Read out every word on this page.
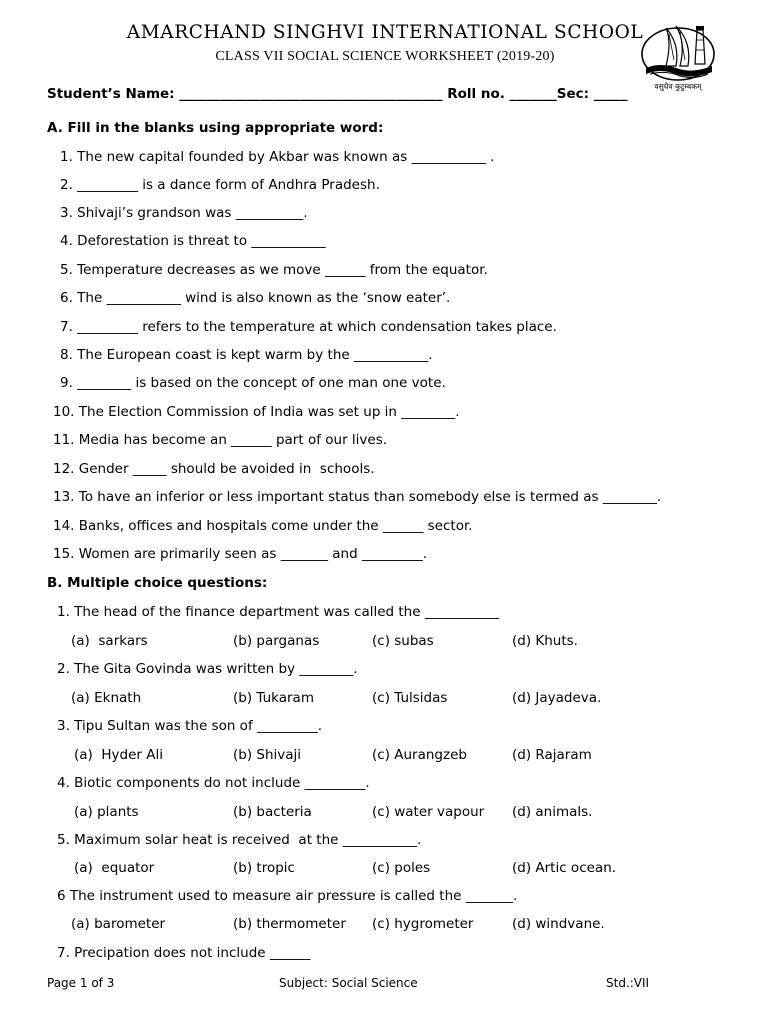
AMARCHAND SINGHVI INTERNATIONAL SCHOOL
CLASS VII SOCIAL SCIENCE WORKSHEET (2019-20)
वसुधैव कुटुम्बकम्
Student’s Name: _______________________________________ Roll no. _______Sec: _____
A. Fill in the blanks using appropriate word:
1. The new capital founded by Akbar was known as ___________ .
2. _________ is a dance form of Andhra Pradesh.
3. Shivaji’s grandson was __________.
4. Deforestation is threat to ___________
5. Temperature decreases as we move ______ from the equator.
6. The ___________ wind is also known as the ‘snow eater’.
7. _________ refers to the temperature at which condensation takes place.
8. The European coast is kept warm by the ___________.
9. ________ is based on the concept of one man one vote.
10. The Election Commission of India was set up in ________.
11. Media has become an ______ part of our lives.
12. Gender _____ should be avoided in  schools.
13. To have an inferior or less important status than somebody else is termed as ________.
14. Banks, offices and hospitals come under the ______ sector.
15. Women are primarily seen as _______ and _________.
B. Multiple choice questions:
1. The head of the finance department was called the ___________
(a)  sarkars	(b) parganas	(c) subas	(d) Khuts.
2. The Gita Govinda was written by ________.
(a) Eknath	(b) Tukaram	(c) Tulsidas	(d) Jayadeva.
3. Tipu Sultan was the son of _________.
(a)  Hyder Ali	(b) Shivaji	(c) Aurangzeb	(d) Rajaram
4. Biotic components do not include _________.
(a) plants	(b) bacteria	(c) water vapour (d) animals.
5. Maximum solar heat is received  at the ___________.
(a)  equator	(b) tropic	(c) poles	(d) Artic ocean.
6 The instrument used to measure air pressure is called the _______.
(a) barometer	(b) thermometer (c) hygrometer	(d) windvane.
7. Precipation does not include ______
Page 1 of 3	Subject: Social Science	Std.:VII
